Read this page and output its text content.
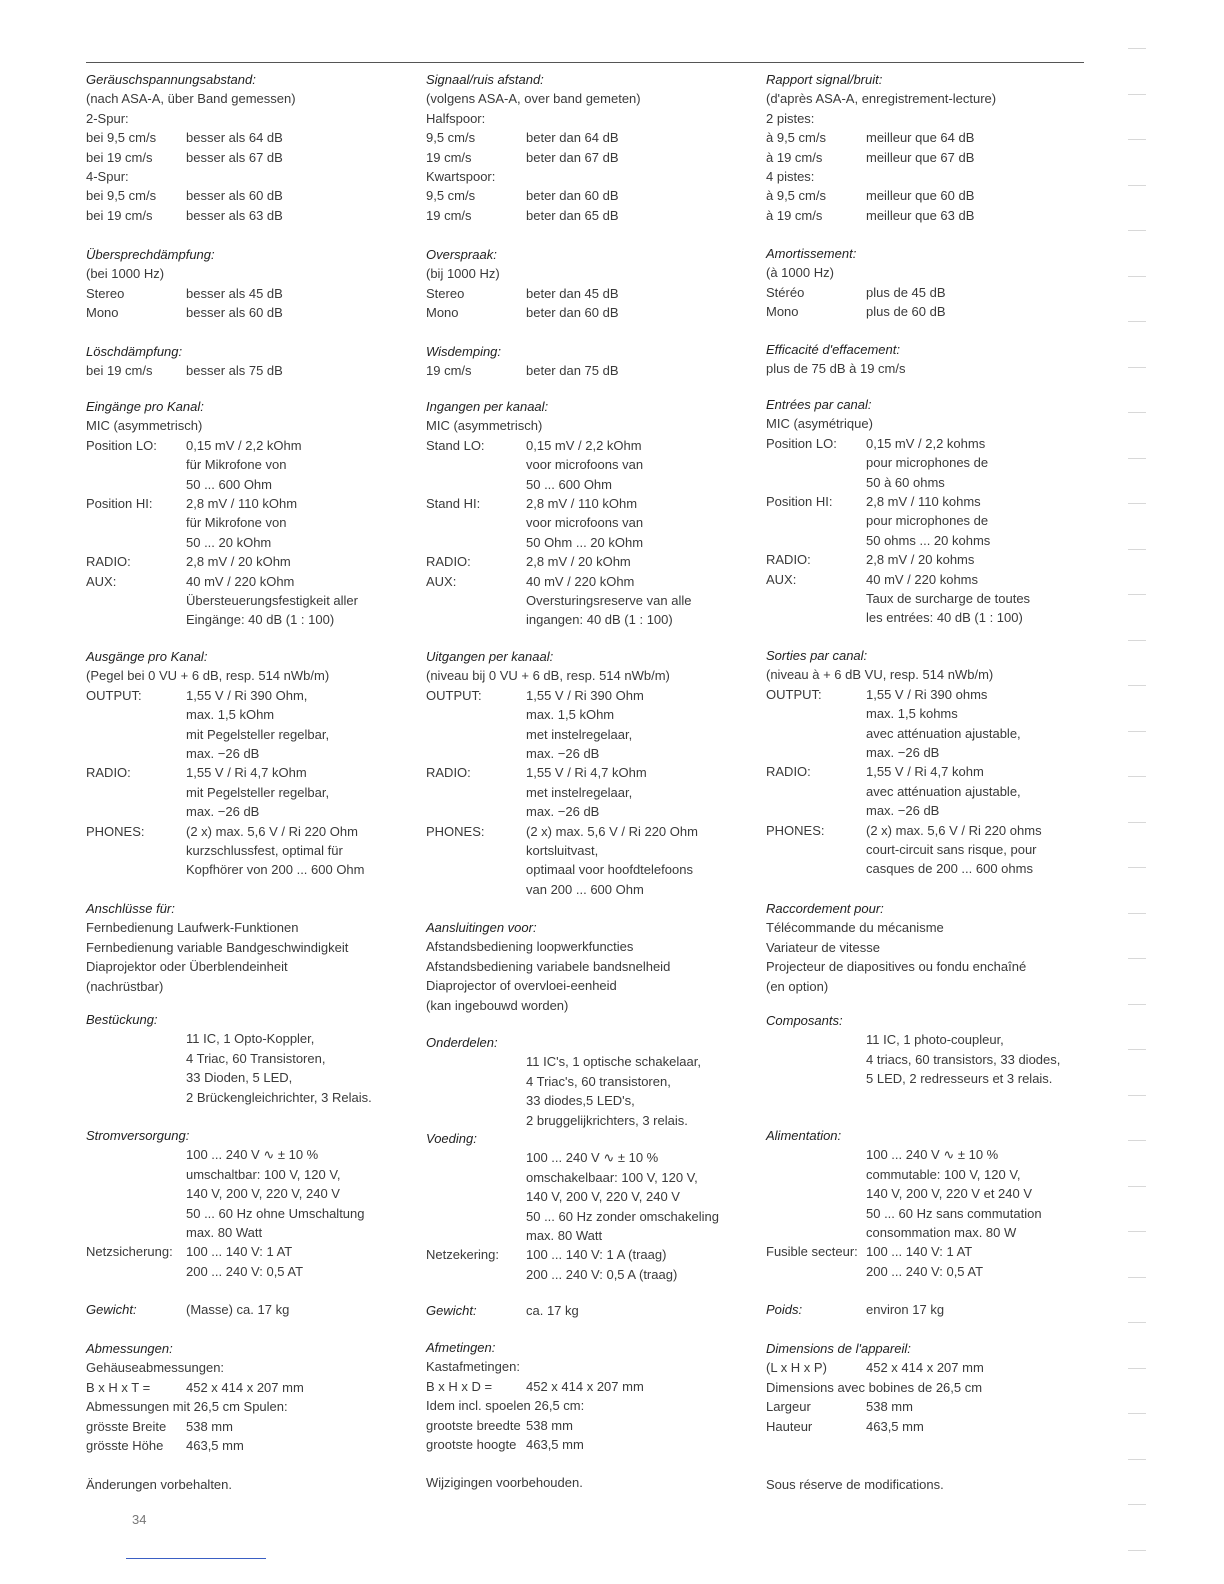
Geräuschspannungsabstand:
(nach ASA-A, über Band gemessen)
2-Spur:
bei 9,5 cm/s	besser als 64 dB
bei 19 cm/s	besser als 67 dB
4-Spur:
bei 9,5 cm/s	besser als 60 dB
bei 19 cm/s	besser als 63 dB
Übersprechdämpfung:
(bei 1000 Hz)
Stereo	besser als 45 dB
Mono	besser als 60 dB
Löschdämpfung:
bei 19 cm/s	besser als 75 dB
Eingänge pro Kanal:
MIC (asymmetrisch)
Position LO:	0,15 mV / 2,2 kOhm
für Mikrofone von
50 ... 600 Ohm
Position HI:	2,8 mV / 110 kOhm
für Mikrofone von
50 ... 20 kOhm
RADIO:	2,8 mV / 20 kOhm
AUX:	40 mV / 220 kOhm
Übersteuerungsfestigkeit aller
Eingänge: 40 dB (1 : 100)
Ausgänge pro Kanal:
(Pegel bei 0 VU + 6 dB, resp. 514 nWb/m)
OUTPUT:	1,55 V / Ri 390 Ohm,
max. 1,5 kOhm
mit Pegelsteller regelbar,
max. −26 dB
RADIO:	1,55 V / Ri 4,7 kOhm
mit Pegelsteller regelbar,
max. −26 dB
PHONES:	(2 x) max. 5,6 V / Ri 220 Ohm
kurzschlussfest, optimal für
Kopfhörer von 200 ... 600 Ohm
Anschlüsse für:
Fernbedienung Laufwerk-Funktionen
Fernbedienung variable Bandgeschwindigkeit
Diaprojektor oder Überblendeinheit
(nachrüstbar)
Bestückung:
11 IC, 1 Opto-Koppler,
4 Triac, 60 Transistoren,
33 Dioden, 5 LED,
2 Brückengleichrichter, 3 Relais.
Stromversorgung:
100 ... 240 V ∿ ± 10 %
umschaltbar: 100 V, 120 V,
140 V, 200 V, 220 V, 240 V
50 ... 60 Hz ohne Umschaltung
max. 80 Watt
Netzsicherung:	100 ... 140 V: 1 AT
200 ... 240 V: 0,5 AT
Gewicht:	(Masse) ca. 17 kg
Abmessungen:
Gehäuseabmessungen:
B x H x T =	452 x 414 x 207 mm
Abmessungen mit 26,5 cm Spulen:
grösste Breite	538 mm
grösste Höhe	463,5 mm
Änderungen vorbehalten.
Signaal/ruis afstand:
(volgens ASA-A, over band gemeten)
Halfspoor:
9,5 cm/s	beter dan 64 dB
19 cm/s	beter dan 67 dB
Kwartspoor:
9,5 cm/s	beter dan 60 dB
19 cm/s	beter dan 65 dB
Overspraak:
(bij 1000 Hz)
Stereo	beter dan 45 dB
Mono	beter dan 60 dB
Wisdemping:
19 cm/s	beter dan 75 dB
Ingangen per kanaal:
MIC (asymmetrisch)
Stand LO:	0,15 mV / 2,2 kOhm
voor microfoons van
50 ... 600 Ohm
Stand HI:	2,8 mV / 110 kOhm
voor microfoons van
50 Ohm ... 20 kOhm
RADIO:	2,8 mV / 20 kOhm
AUX:	40 mV / 220 kOhm
Oversturingsreserve van alle
ingangen: 40 dB (1 : 100)
Uitgangen per kanaal:
(niveau bij 0 VU + 6 dB, resp. 514 nWb/m)
OUTPUT:	1,55 V / Ri 390 Ohm
max. 1,5 kOhm
met instelregelaar,
max. −26 dB
RADIO:	1,55 V / Ri 4,7 kOhm
met instelregelaar,
max. −26 dB
PHONES:	(2 x) max. 5,6 V / Ri 220 Ohm
kortsluitvast,
optimaal voor hoofdtelefoons
van 200 ... 600 Ohm
Aansluitingen voor:
Afstandsbediening loopwerkfuncties
Afstandsbediening variabele bandsnelheid
Diaprojector of overvloei-eenheid
(kan ingebouwd worden)
Onderdelen:
11 IC's, 1 optische schakelaar,
4 Triac's, 60 transistoren,
33 diodes,5 LED's,
2 bruggelijkrichters, 3 relais.
Voeding:
100 ... 240 V ∿ ± 10 %
omschakelbaar: 100 V, 120 V,
140 V, 200 V, 220 V, 240 V
50 ... 60 Hz zonder omschakeling
max. 80 Watt
Netzekering:	100 ... 140 V: 1 A (traag)
200 ... 240 V: 0,5 A (traag)
Gewicht:	ca. 17 kg
Afmetingen:
Kastafmetingen:
B x H x D =	452 x 414 x 207 mm
Idem incl. spoelen 26,5 cm:
grootste breedte 538 mm
grootste hoogte 463,5 mm
Wijzigingen voorbehouden.
Rapport signal/bruit:
(d'après ASA-A, enregistrement-lecture)
2 pistes:
à 9,5 cm/s	meilleur que 64 dB
à 19 cm/s	meilleur que 67 dB
4 pistes:
à 9,5 cm/s	meilleur que 60 dB
à 19 cm/s	meilleur que 63 dB
Amortissement:
(à 1000 Hz)
Stéréo	plus de 45 dB
Mono	plus de 60 dB
Efficacité d'effacement:
plus de 75 dB à 19 cm/s
Entrées par canal:
MIC (asymétrique)
Position LO:	0,15 mV / 2,2 kohms
pour microphones de
50 à 60 ohms
Position HI:	2,8 mV / 110 kohms
pour microphones de
50 ohms ... 20 kohms
RADIO:	2,8 mV / 20 kohms
AUX:	40 mV / 220 kohms
Taux de surcharge de toutes
les entrées: 40 dB (1 : 100)
Sorties par canal:
(niveau à + 6 dB VU, resp. 514 nWb/m)
OUTPUT:	1,55 V / Ri 390 ohms
max. 1,5 kohms
avec atténuation ajustable,
max. −26 dB
RADIO:	1,55 V / Ri 4,7 kohm
avec atténuation ajustable,
max. −26 dB
PHONES:	(2 x) max. 5,6 V / Ri 220 ohms
court-circuit sans risque, pour
casques de 200 ... 600 ohms
Raccordement pour:
Télécommande du mécanisme
Variateur de vitesse
Projecteur de diapositives ou fondu enchaîné
(en option)
Composants:
11 IC, 1 photo-coupleur,
4 triacs, 60 transistors, 33 diodes,
5 LED, 2 redresseurs et 3 relais.
Alimentation:
100 ... 240 V ∿ ± 10 %
commutable: 100 V, 120 V,
140 V, 200 V, 220 V et 240 V
50 ... 60 Hz sans commutation
consommation max. 80 W
Fusible secteur: 100 ... 140 V: 1 AT
200 ... 240 V: 0,5 AT
Poids:	environ 17 kg
Dimensions de l'appareil:
(L x H x P)	452 x 414 x 207 mm
Dimensions avec bobines de 26,5 cm
Largeur	538 mm
Hauteur	463,5 mm
Sous réserve de modifications.
34
